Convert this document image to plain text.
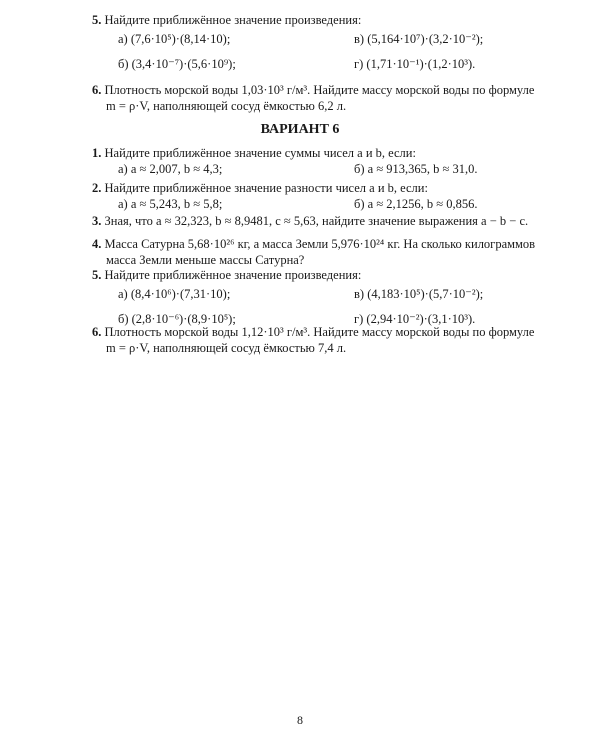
5. Найдите приближённое значение произведения:
а) (7,6·10⁵)·(8,14·10);	в) (5,164·10⁷)·(3,2·10⁻²);
б) (3,4·10⁻⁷)·(5,6·10⁹);	г) (1,71·10⁻¹)·(1,2·10³).
6. Плотность морской воды 1,03·10³ г/м³. Найдите массу морской воды по формуле
m = ρ·V, наполняющей сосуд ёмкостью 6,2 л.
ВАРИАНТ 6
1. Найдите приближённое значение суммы чисел a и b, если:
а) a ≈ 2,007, b ≈ 4,3;	б) a ≈ 913,365, b ≈ 31,0.
2. Найдите приближённое значение разности чисел a и b, если:
а) a ≈ 5,243, b ≈ 5,8;	б) a ≈ 2,1256, b ≈ 0,856.
3. Зная, что a ≈ 32,323, b ≈ 8,9481, c ≈ 5,63, найдите значение выражения a − b − c.
4. Масса Сатурна 5,68·10²⁶ кг, а масса Земли 5,976·10²⁴ кг. На сколько килограммов
масса Земли меньше массы Сатурна?
5. Найдите приближённое значение произведения:
а) (8,4·10⁶)·(7,31·10);	в) (4,183·10⁵)·(5,7·10⁻²);
б) (2,8·10⁻⁶)·(8,9·10⁵);	г) (2,94·10⁻²)·(3,1·10³).
6. Плотность морской воды 1,12·10³ г/м³. Найдите массу морской воды по формуле
m = ρ·V, наполняющей сосуд ёмкостью 7,4 л.
8
